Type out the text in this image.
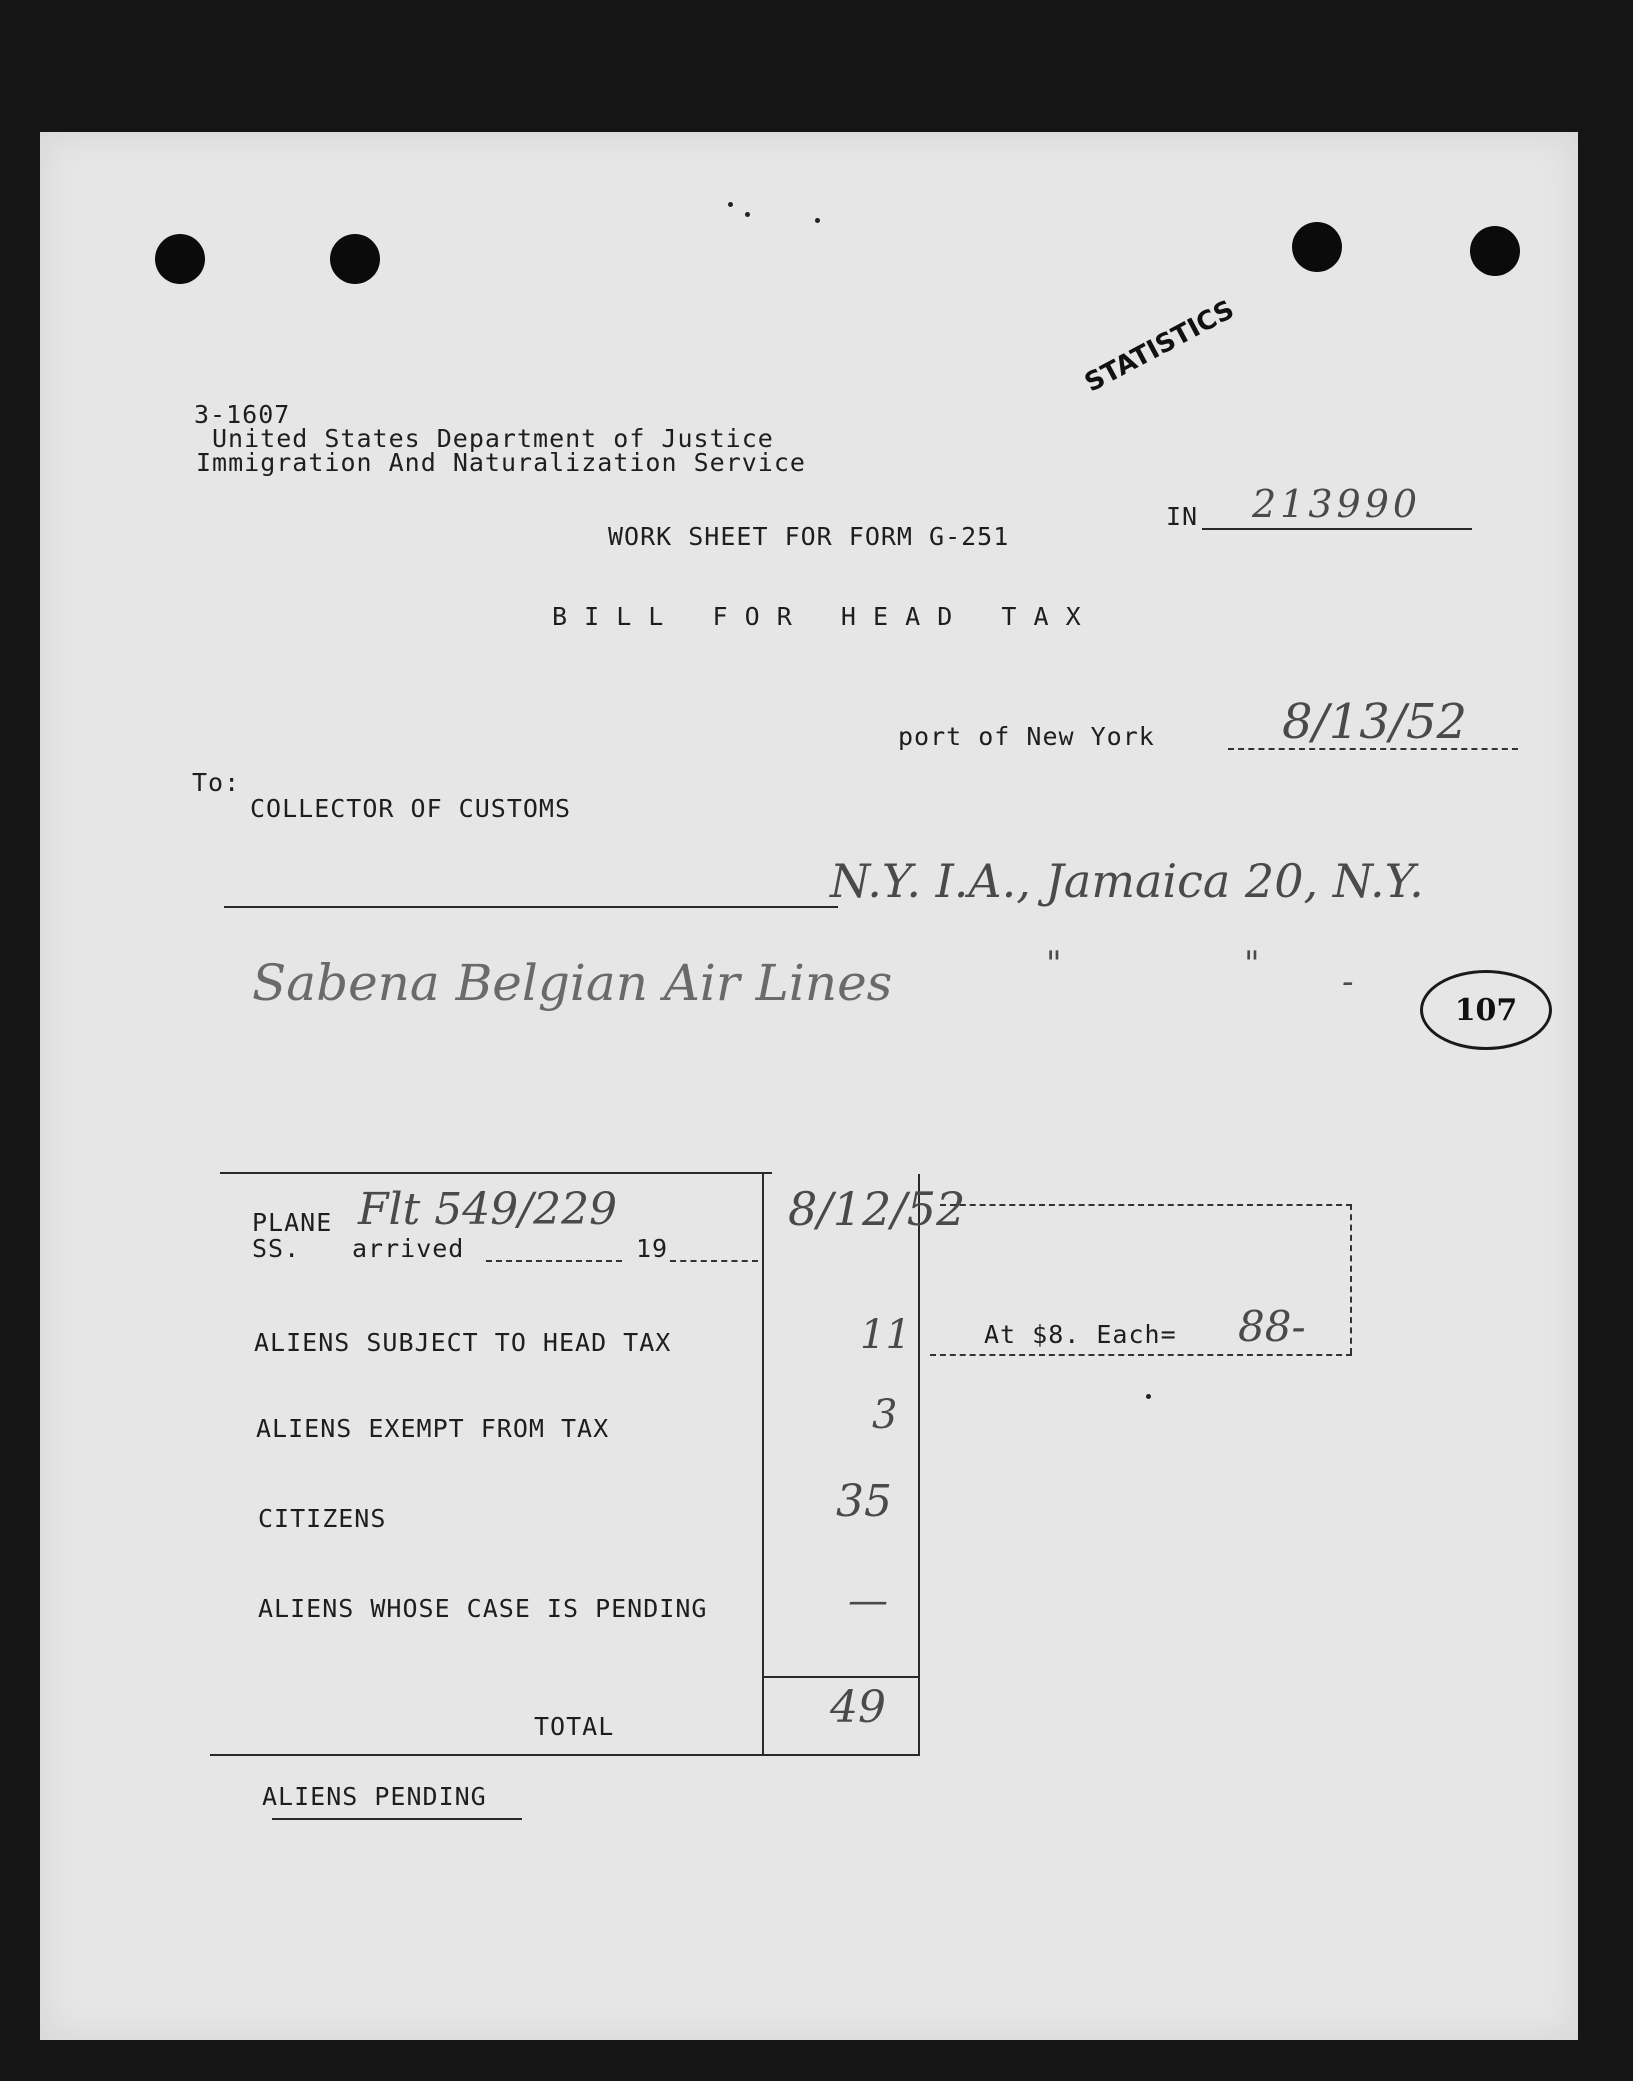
STATISTICS
3-1607
United States Department of Justice
Immigration And Naturalization Service
IN 213990
WORK SHEET FOR FORM G-251
B I L L   F O R   H E A D   T A X
port of New York	8/13/52
To:
COLLECTOR OF CUSTOMS
N.Y. I.A., Jamaica 20, N.Y.
Sabena Belgian Air Lines	"	" -
107
PLANE Flt 549/229	8/12/52
SS. arrived	19
ALIENS SUBJECT TO HEAD TAX	11
ALIENS EXEMPT FROM TAX	3
CITIZENS	35
ALIENS WHOSE CASE IS PENDING	—
TOTAL	49
At $8. Each= 88-
ALIENS PENDING
